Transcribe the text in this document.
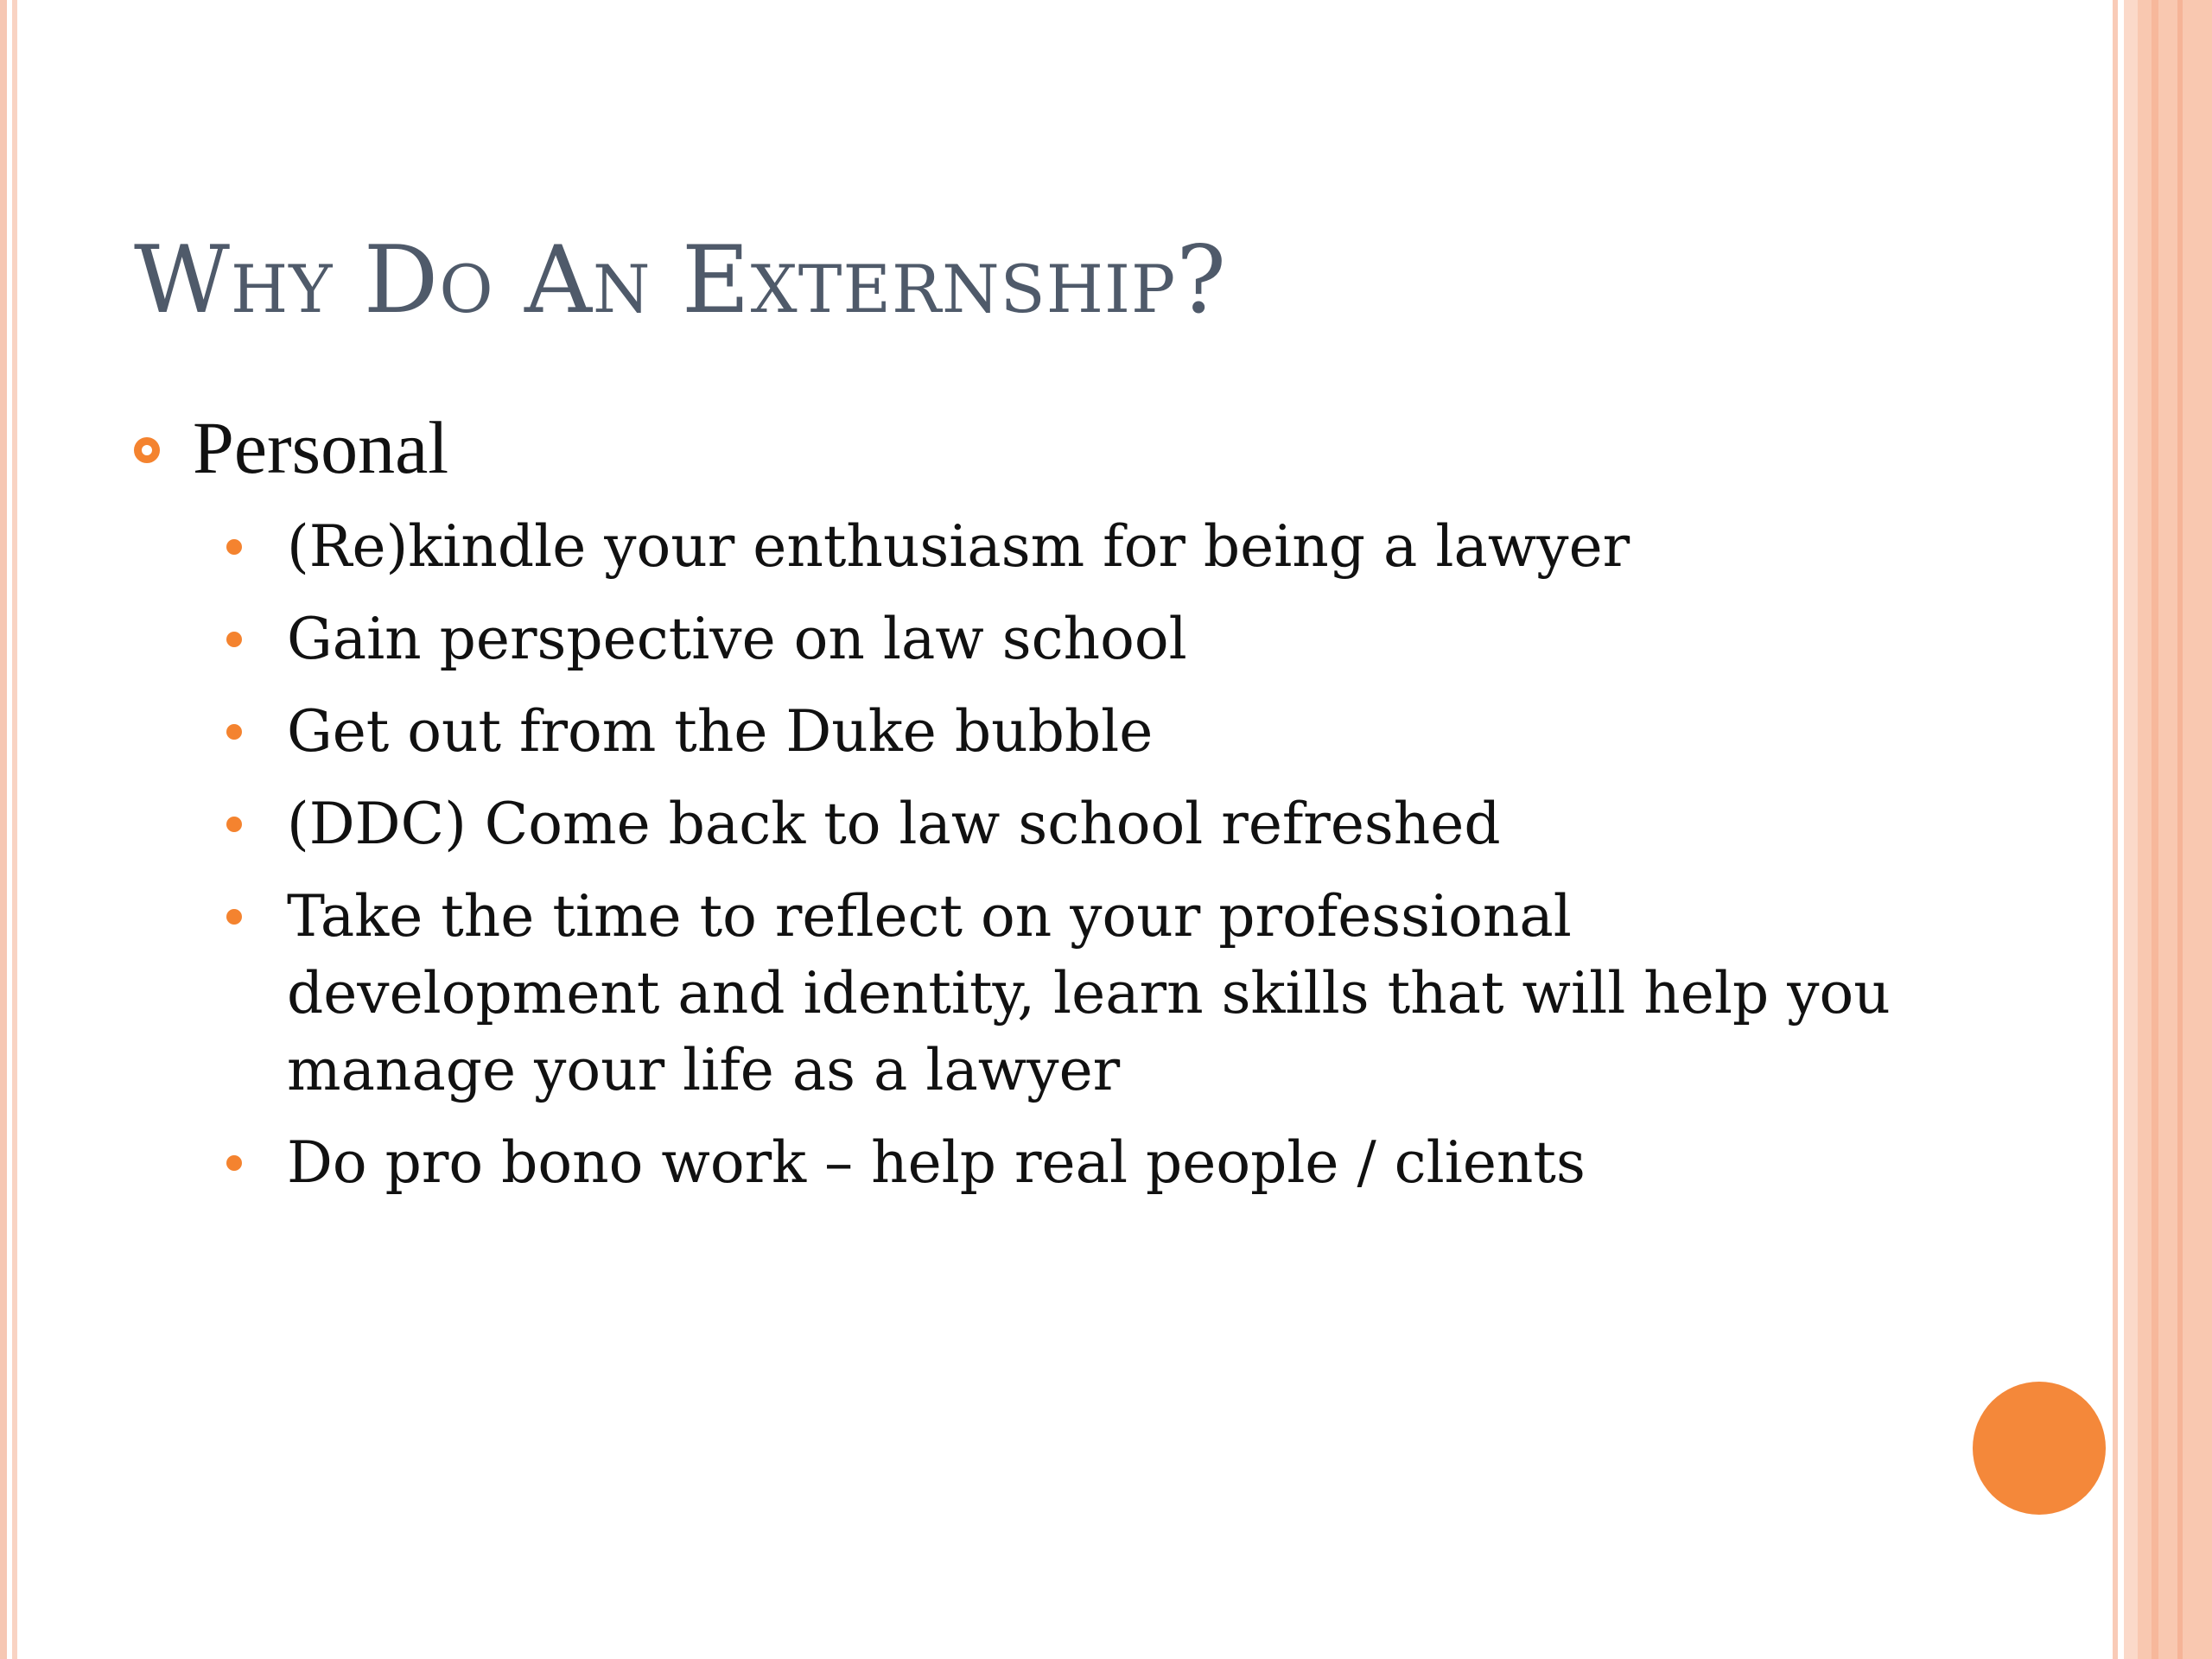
Why Do An Externship?
Personal
(Re)kindle your enthusiasm for being a lawyer
Gain perspective on law school
Get out from the Duke bubble
(DDC) Come back to law school refreshed
Take the time to reflect on your professional development and identity, learn skills that will help you manage your life as a lawyer
Do pro bono work – help real people / clients
